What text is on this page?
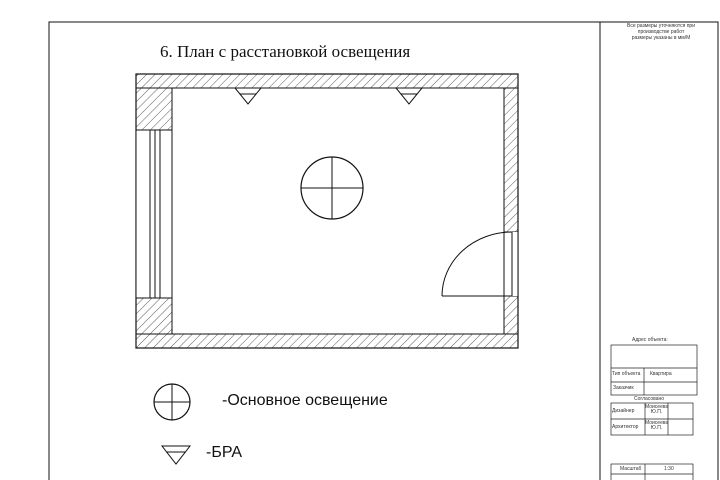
6. План с расстановкой освещения
-Основное освещение
-БРА
Все размеры уточняются при
производстве работ
размеры указаны в мм/М
Адрес объекта:
Тип объекта Квартира
Заказчик
Согласовано
Дизайнер
Моисеева
Ю.П.
Архитектор
Моисеева
Ю.П.
Масштаб	1:30
